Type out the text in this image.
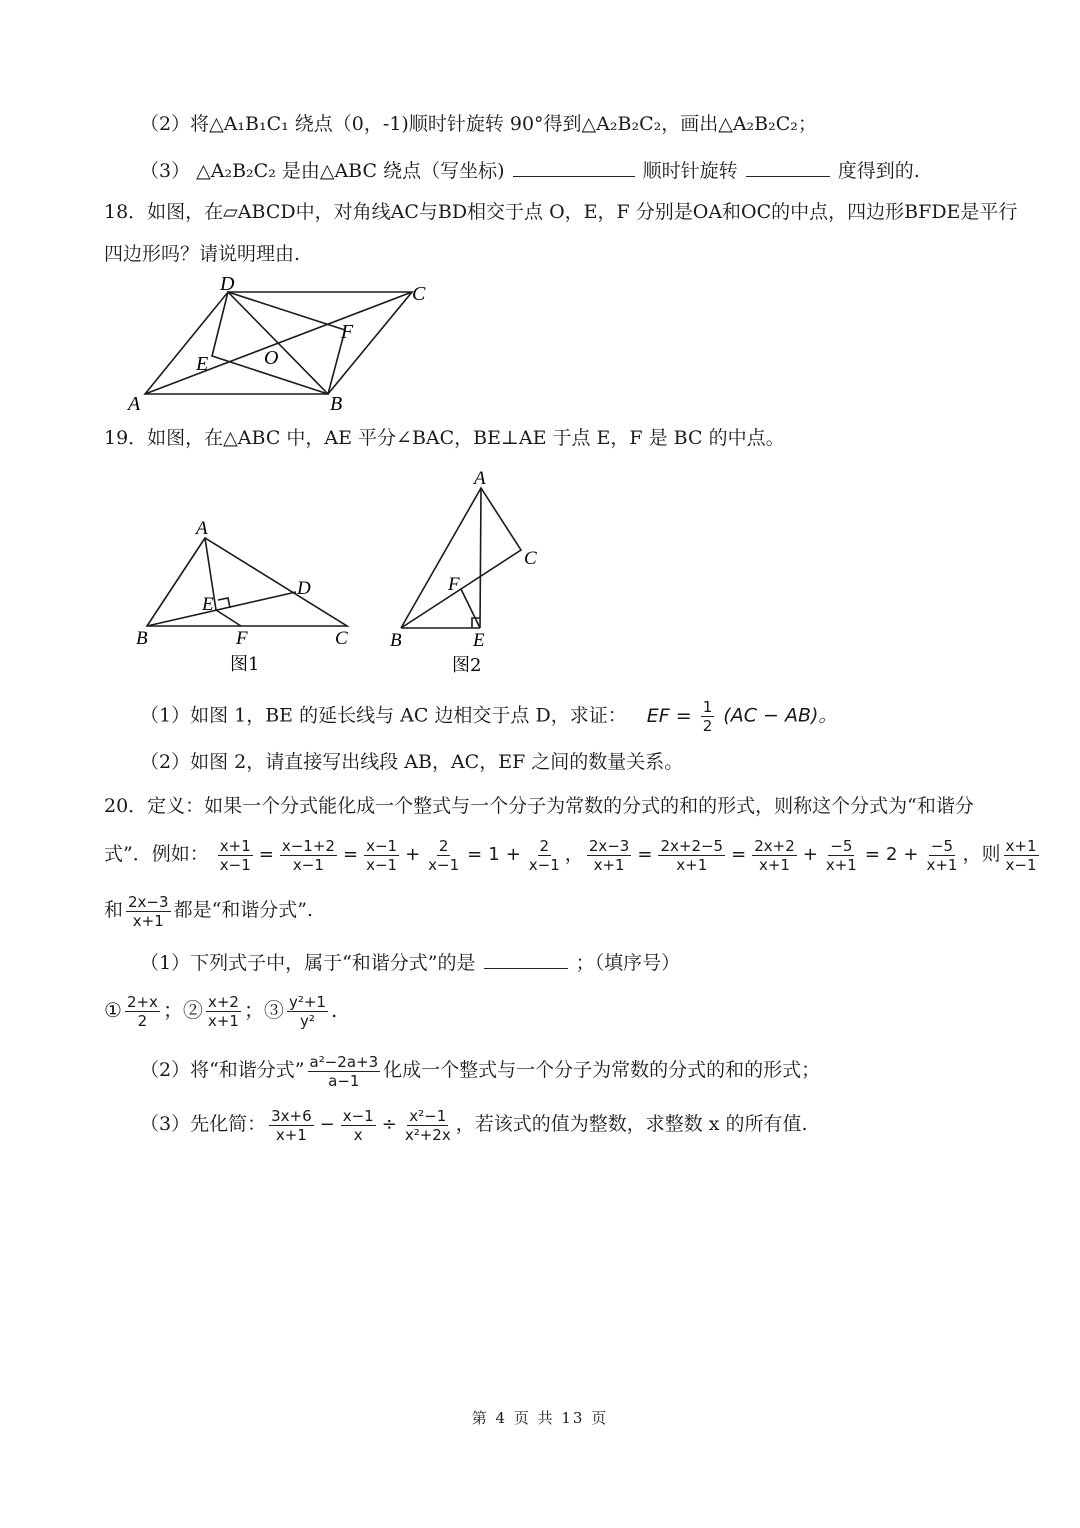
（2）将△A₁B₁C₁ 绕点（0，-1)顺时针旋转 90°得到△A₂B₂C₂，画出△A₂B₂C₂；
（3） △A₂B₂C₂ 是由△ABC 绕点（写坐标)	顺时针旋转	度得到的.
18．如图，在▱ABCD中，对角线AC与BD相交于点 O，E，F 分别是OA和OC的中点，四边形BFDE是平行
四边形吗？请说明理由.
A	B
C
D
E
F
O
19．如图，在△ABC 中，AE 平分∠BAC，BE⊥AE 于点 E，F 是 BC 的中点。
A
B	C
D
E
F
图1
A
B
C
E
F
图2
（1）如图 1，BE 的延长线与 AC 边相交于点 D，求证： EF = $\frac{1}{2} (AC - AB)$。
（2）如图 2，请直接写出线段 AB，AC，EF 之间的数量关系。
20．定义：如果一个分式能化成一个整式与一个分子为常数的分式的和的形式，则称这个分式为“和谐分
式”．例如： $\frac{x+1}{x-1} = \frac{x-1+2}{x-1} = \frac{x-1}{x-1} + \frac{2}{x-1} = 1 + \frac{2}{x-1}$ ， $\frac{2x-3}{x+1} = \frac{2x+2-5}{x+1} = \frac{2x+2}{x+1} + \frac{-5}{x+1} = 2 + \frac{-5}{x+1}$ ，则 $\frac{x+1}{x-1}$
和 $\frac{2x-3}{x+1}$ 都是“和谐分式”.
（1）下列式子中，属于“和谐分式”的是	；（填序号）
① $\frac{2+x}{2}$ ；② $\frac{x+2}{x+1}$ ；③ $\frac{\text{y²+1}}{\text{y²}}$ .
（2）将“和谐分式” $\frac{\text{a²−2a+3}}{a-1}$ 化成一个整式与一个分子为常数的分式的和的形式；
（3）先化简： $\frac{3x+6}{x+1} - \frac{x-1}{x} \div \frac{\text{x²−1}}{\text{x²+2x}}$ ，若该式的值为整数，求整数 x 的所有值.
第 4 页 共 13 页
